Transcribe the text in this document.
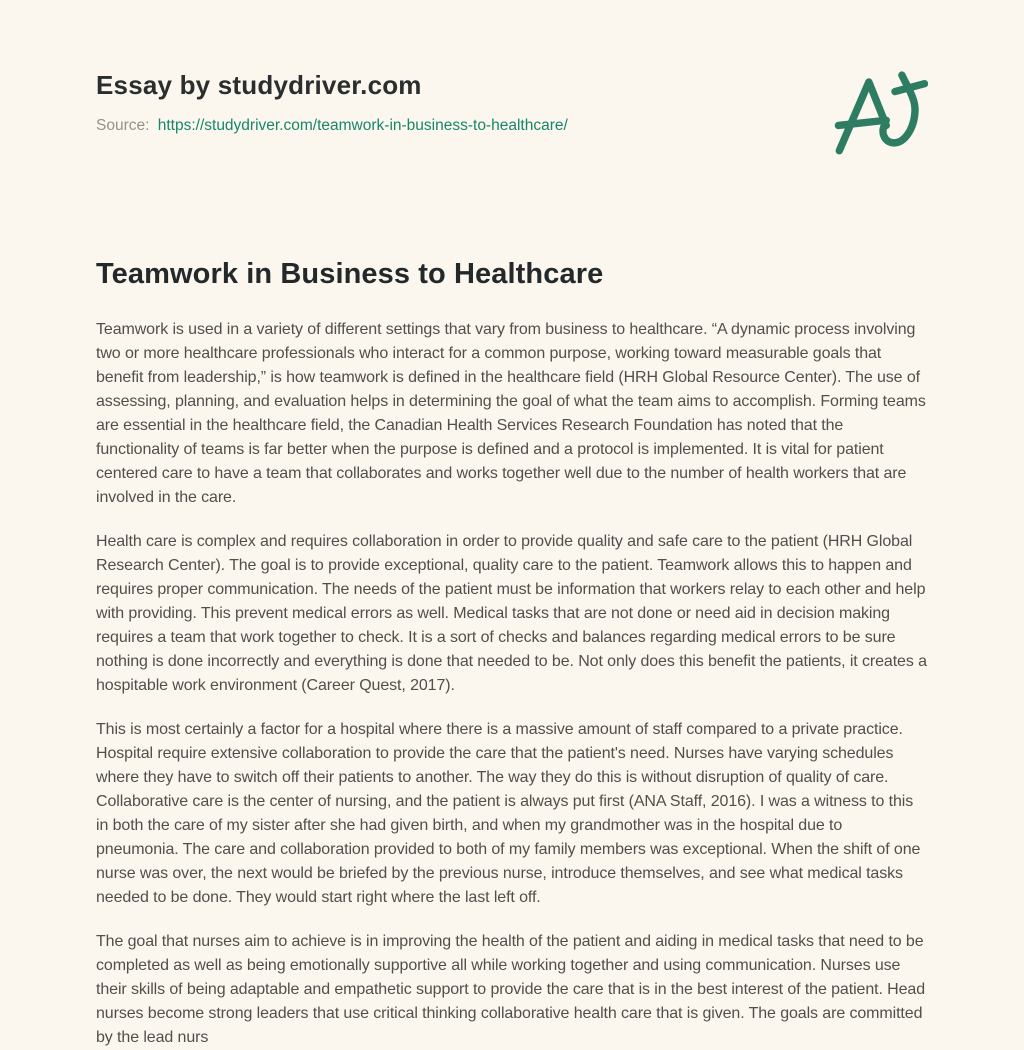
Essay by studydriver.com

Source: https://studydriver.com/teamwork-in-business-to-healthcare/

Teamwork in Business to Healthcare

Teamwork is used in a variety of different settings that vary from business to healthcare. “A dynamic process involving two or more healthcare professionals who interact for a common purpose, working toward measurable goals that benefit from leadership,” is how teamwork is defined in the healthcare field (HRH Global Resource Center). The use of assessing, planning, and evaluation helps in determining the goal of what the team aims to accomplish. Forming teams are essential in the healthcare field, the Canadian Health Services Research Foundation has noted that the functionality of teams is far better when the purpose is defined and a protocol is implemented. It is vital for patient centered care to have a team that collaborates and works together well due to the number of health workers that are involved in the care.

Health care is complex and requires collaboration in order to provide quality and safe care to the patient (HRH Global Research Center). The goal is to provide exceptional, quality care to the patient. Teamwork allows this to happen and requires proper communication. The needs of the patient must be information that workers relay to each other and help with providing. This prevent medical errors as well. Medical tasks that are not done or need aid in decision making requires a team that work together to check. It is a sort of checks and balances regarding medical errors to be sure nothing is done incorrectly and everything is done that needed to be. Not only does this benefit the patients, it creates a hospitable work environment (Career Quest, 2017).

This is most certainly a factor for a hospital where there is a massive amount of staff compared to a private practice. Hospital require extensive collaboration to provide the care that the patient's need. Nurses have varying schedules where they have to switch off their patients to another. The way they do this is without disruption of quality of care. Collaborative care is the center of nursing, and the patient is always put first (ANA Staff, 2016). I was a witness to this in both the care of my sister after she had given birth, and when my grandmother was in the hospital due to pneumonia. The care and collaboration provided to both of my family members was exceptional. When the shift of one nurse was over, the next would be briefed by the previous nurse, introduce themselves, and see what medical tasks needed to be done. They would start right where the last left off.

The goal that nurses aim to achieve is in improving the health of the patient and aiding in medical tasks that need to be completed as well as being emotionally supportive all while working together and using communication. Nurses use their skills of being adaptable and empathetic support to provide the care that is in the best interest of the patient. Head nurses become strong leaders that use critical thinking collaborative health care that is given. The goals are committed by the lead nurs
